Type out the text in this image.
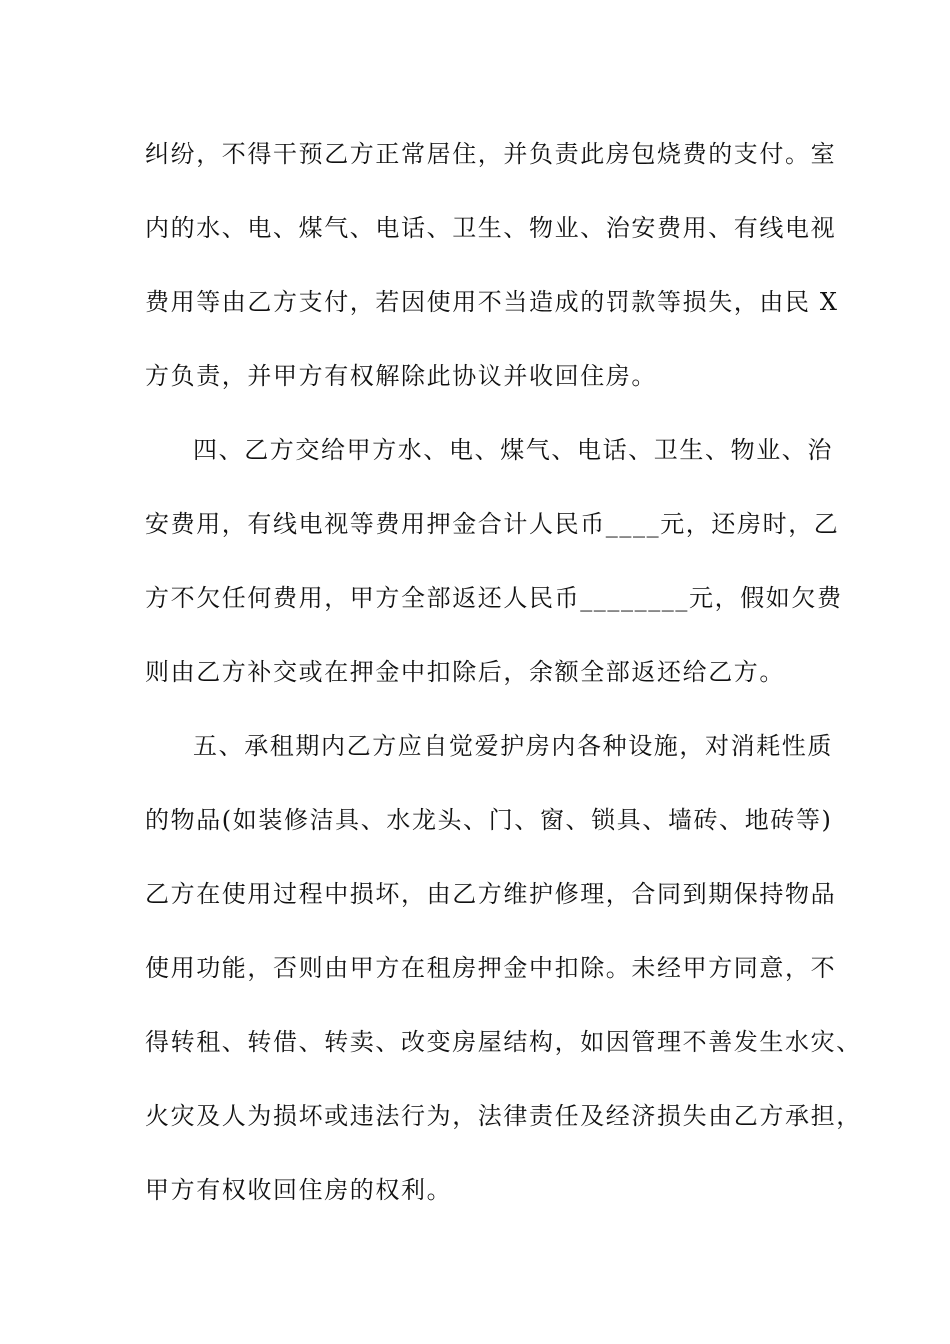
纠纷，不得干预乙方正常居住，并负责此房包烧费的支付。室
内的水、电、煤气、电话、卫生、物业、治安费用、有线电视
费用等由乙方支付，若因使用不当造成的罚款等损失，由民 X
方负责，并甲方有权解除此协议并收回住房。
四、乙方交给甲方水、电、煤气、电话、卫生、物业、治
安费用，有线电视等费用押金合计人民币____元，还房时，乙
方不欠任何费用，甲方全部返还人民币________元，假如欠费
则由乙方补交或在押金中扣除后，余额全部返还给乙方。
五、承租期内乙方应自觉爱护房内各种设施，对消耗性质
的物品(如装修洁具、水龙头、门、窗、锁具、墙砖、地砖等)
乙方在使用过程中损坏，由乙方维护修理，合同到期保持物品
使用功能，否则由甲方在租房押金中扣除。未经甲方同意，不
得转租、转借、转卖、改变房屋结构，如因管理不善发生水灾、
火灾及人为损坏或违法行为，法律责任及经济损失由乙方承担，
甲方有权收回住房的权利。
